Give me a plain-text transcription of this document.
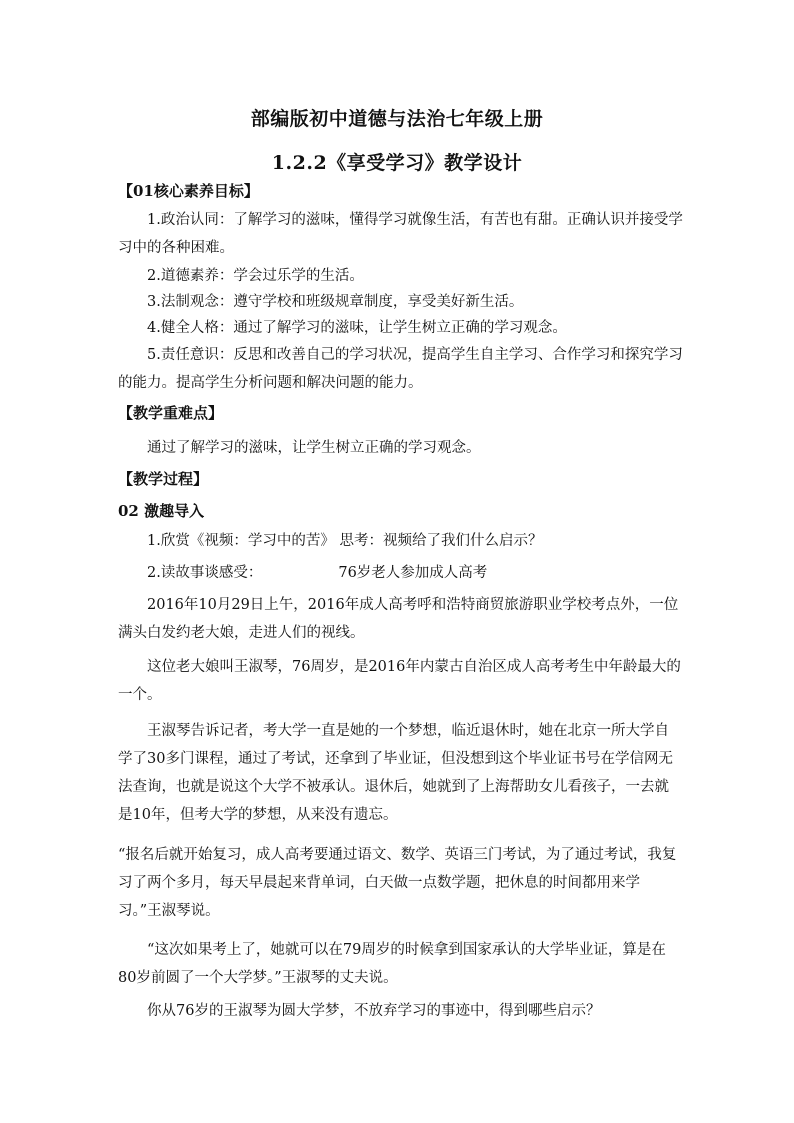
部编版初中道德与法治七年级上册
1.2.2《享受学习》教学设计
【01核心素养目标】
1.政治认同：了解学习的滋味，懂得学习就像生活，有苦也有甜。正确认识并接受学习中的各种困难。
2.道德素养：学会过乐学的生活。
3.法制观念：遵守学校和班级规章制度，享受美好新生活。
4.健全人格：通过了解学习的滋味，让学生树立正确的学习观念。
5.责任意识：反思和改善自己的学习状况，提高学生自主学习、合作学习和探究学习的能力。提高学生分析问题和解决问题的能力。
【教学重难点】
通过了解学习的滋味，让学生树立正确的学习观念。
【教学过程】
02 激趣导入
1.欣赏《视频：学习中的苦》 思考：视频给了我们什么启示？
2.读故事谈感受：	76岁老人参加成人高考
2016年10月29日上午，2016年成人高考呼和浩特商贸旅游职业学校考点外，一位满头白发约老大娘，走进人们的视线。
这位老大娘叫王淑琴，76周岁，是2016年内蒙古自治区成人高考考生中年龄最大的一个。
王淑琴告诉记者，考大学一直是她的一个梦想，临近退休时，她在北京一所大学自学了30多门课程，通过了考试，还拿到了毕业证，但没想到这个毕业证书号在学信网无法查询，也就是说这个大学不被承认。退休后，她就到了上海帮助女儿看孩子，一去就是10年，但考大学的梦想，从来没有遗忘。
“报名后就开始复习，成人高考要通过语文、数学、英语三门考试，为了通过考试，我复习了两个多月，每天早晨起来背单词，白天做一点数学题，把休息的时间都用来学习。”王淑琴说。
“这次如果考上了，她就可以在79周岁的时候拿到国家承认的大学毕业证，算是在80岁前圆了一个大学梦。”王淑琴的丈夫说。
你从76岁的王淑琴为圆大学梦，不放弃学习的事迹中，得到哪些启示？
